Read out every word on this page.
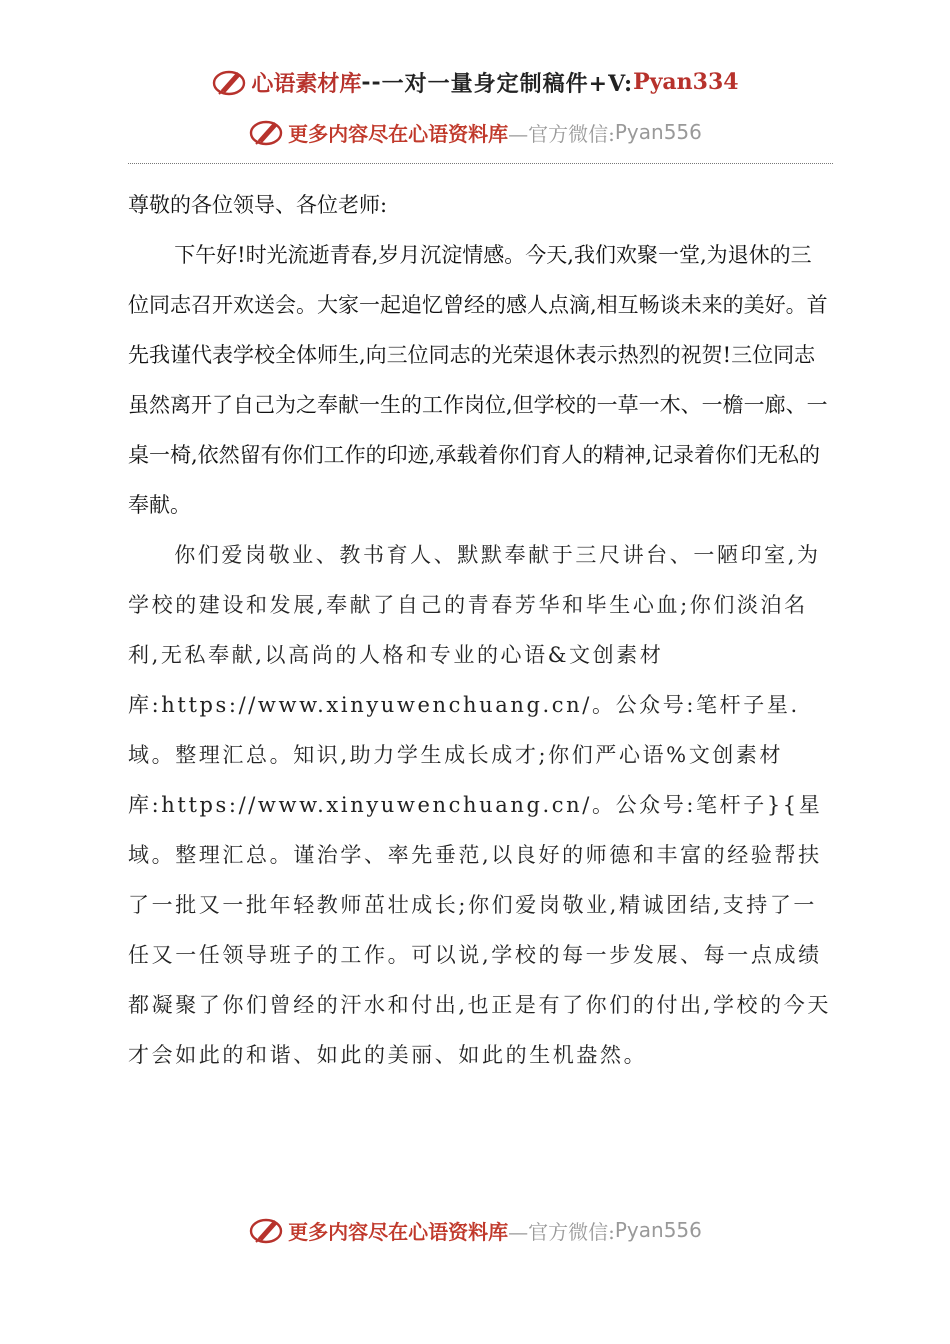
心语素材库 -- 一对一量身定制稿件+V: Pyan334
更多内容尽在心语资料库 —官方微信: Pyan556

尊敬的各位领导、各位老师:

下午好!时光流逝青春,岁月沉淀情感。今天,我们欢聚一堂,为退休的三位同志召开欢送会。大家一起追忆曾经的感人点滴,相互畅谈未来的美好。首先我谨代表学校全体师生,向三位同志的光荣退休表示热烈的祝贺!三位同志虽然离开了自己为之奉献一生的工作岗位,但学校的一草一木、一檐一廊、一桌一椅,依然留有你们工作的印迹,承载着你们育人的精神,记录着你们无私的奉献。

你们爱岗敬业、教书育人、默默奉献于三尺讲台、一陋印室,为学校的建设和发展,奉献了自己的青春芳华和毕生心血;你们淡泊名利,无私奉献,以高尚的人格和专业的心语&文创素材库:https://www.xinyuwenchuang.cn/。公众号:笔杆子星.域。整理汇总。知识,助力学生成长成才;你们严心语%文创素材库:https://www.xinyuwenchuang.cn/。公众号:笔杆子}{星域。整理汇总。谨治学、率先垂范,以良好的师德和丰富的经验帮扶了一批又一批年轻教师茁壮成长;你们爱岗敬业,精诚团结,支持了一任又一任领导班子的工作。可以说,学校的每一步发展、每一点成绩都凝聚了你们曾经的汗水和付出,也正是有了你们的付出,学校的今天才会如此的和谐、如此的美丽、如此的生机盎然。

更多内容尽在心语资料库 —官方微信: Pyan556
